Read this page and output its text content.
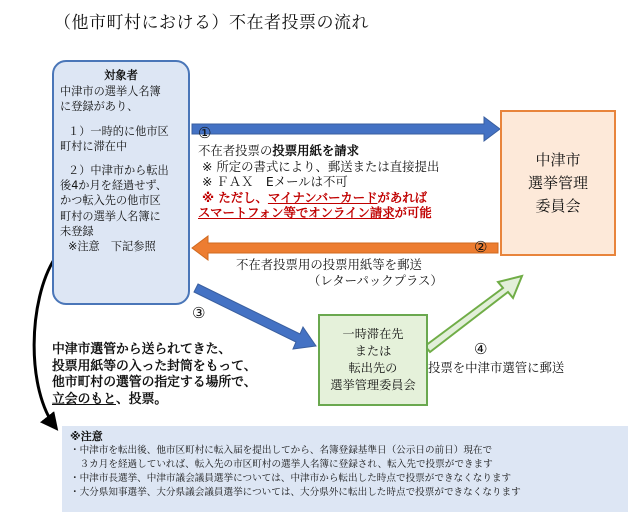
（他市町村における）不在者投票の流れ
対象者
中津市の選挙人名簿
に登録があり、
１）一時的に他市区
町村に滞在中
２）中津市から転出
後4か月を経過せず、
かつ転入先の他市区
町村の選挙人名簿に
未登録
※注意　下記参照
中津市
選挙管理
委員会
一時滞在先
または
転出先の
選挙管理委員会
①
②
③
④
不在者投票の投票用紙を請求
※ 所定の書式により、郵送または直接提出
※ ＦＡＸ　Eメールは不可
※ ただし、マイナンバーカードがあれば
スマートフォン等でオンライン請求が可能
不在者投票用の投票用紙等を郵送
（レターパックプラス）
中津市選管から送られてきた、
投票用紙等の入った封筒をもって、
他市町村の選管の指定する場所で、
立会のもと、投票。
投票を中津市選管に郵送
※注意
・中津市を転出後、他市区町村に転入届を提出してから、名簿登録基準日（公示日の前日）現在で
　３カ月を経過していれば、転入先の市区町村の選挙人名簿に登録され、転入先で投票ができます
・中津市長選挙、中津市議会議員選挙については、中津市から転出した時点で投票ができなくなります
・大分県知事選挙、大分県議会議員選挙については、大分県外に転出した時点で投票ができなくなります
